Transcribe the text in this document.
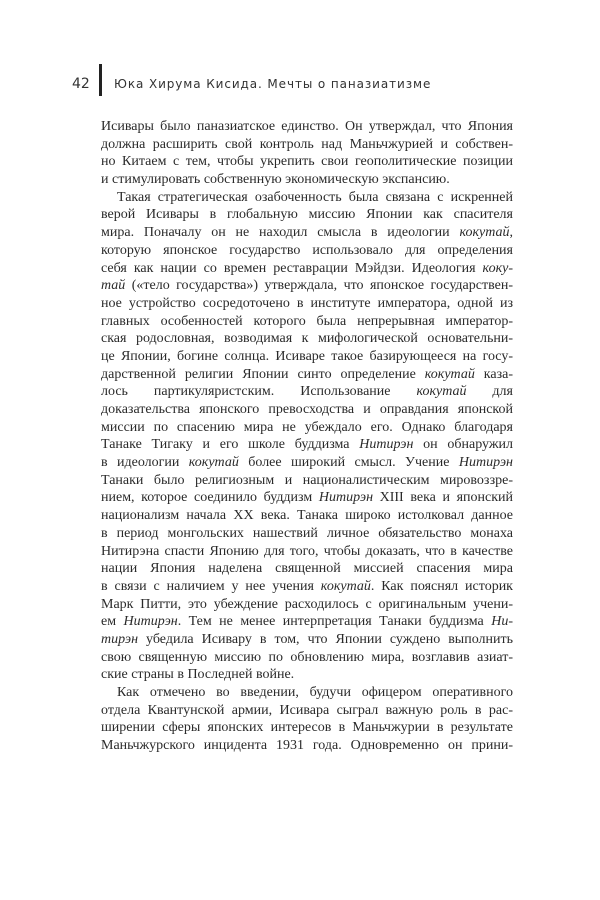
42 Юка Хирума Кисида. Мечты о паназиатизме
Исивары было паназиатское единство. Он утверждал, что Япония
должна расширить свой контроль над Маньчжурией и собствен-
но Китаем с тем, чтобы укрепить свои геополитические позиции
и стимулировать собственную экономическую экспансию.
Такая стратегическая озабоченность была связана с искренней
верой Исивары в глобальную миссию Японии как спасителя
мира. Поначалу он не находил смысла в идеологии кокутай,
которую японское государство использовало для определения
себя как нации со времен реставрации Мэйдзи. Идеология коку-
тай («тело государства») утверждала, что японское государствен-
ное устройство сосредоточено в институте императора, одной из
главных особенностей которого была непрерывная император-
ская родословная, возводимая к мифологической основательни-
це Японии, богине солнца. Исиваре такое базирующееся на госу-
дарственной религии Японии синто определение кокутай каза-
лось партикуляристским. Использование кокутай для
доказательства японского превосходства и оправдания японской
миссии по спасению мира не убеждало его. Однако благодаря
Танаке Тигаку и его школе буддизма Нитирэн он обнаружил
в идеологии кокутай более широкий смысл. Учение Нитирэн
Танаки было религиозным и националистическим мировоззре-
нием, которое соединило буддизм Нитирэн XIII века и японский
национализм начала XX века. Танака широко истолковал данное
в период монгольских нашествий личное обязательство монаха
Нитирэна спасти Японию для того, чтобы доказать, что в качестве
нации Япония наделена священной миссией спасения мира
в связи с наличием у нее учения кокутай. Как пояснял историк
Марк Питти, это убеждение расходилось с оригинальным учени-
ем Нитирэн. Тем не менее интерпретация Танаки буддизма Ни-
тирэн убедила Исивару в том, что Японии суждено выполнить
свою священную миссию по обновлению мира, возглавив азиат-
ские страны в Последней войне.
Как отмечено во введении, будучи офицером оперативного
отдела Квантунской армии, Исивара сыграл важную роль в рас-
ширении сферы японских интересов в Маньчжурии в результате
Маньчжурского инцидента 1931 года. Одновременно он прини-
